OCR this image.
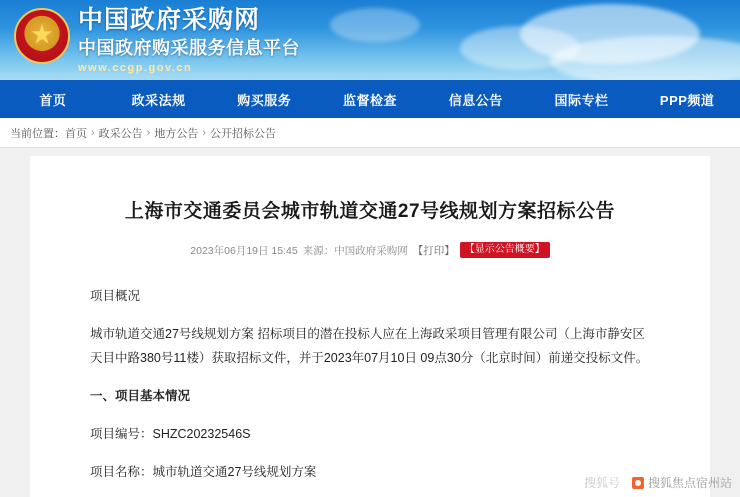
★
中国政府采购网
中国政府购采服务信息平台
www.ccgp.gov.cn
首页	政采法规	购买服务	监督检查	信息公告	国际专栏	PPP频道
当前位置： 首页 › 政采公告 › 地方公告 › 公开招标公告
上海市交通委员会城市轨道交通27号线规划方案招标公告
2023年06月19日 15:45 来源：中国政府采购网 【打印】	【显示公告概要】

项目概况

城市轨道交通27号线规划方案 招标项目的潜在投标人应在上海政采项目管理有限公司（上海市静安区天目中路380号11楼）获取招标文件，并于2023年07月10日 09点30分（北京时间）前递交投标文件。

一、项目基本情况

项目编号：SHZC20232546S

项目名称：城市轨道交通27号线规划方案

搜狐号 搜狐焦点宿州站
